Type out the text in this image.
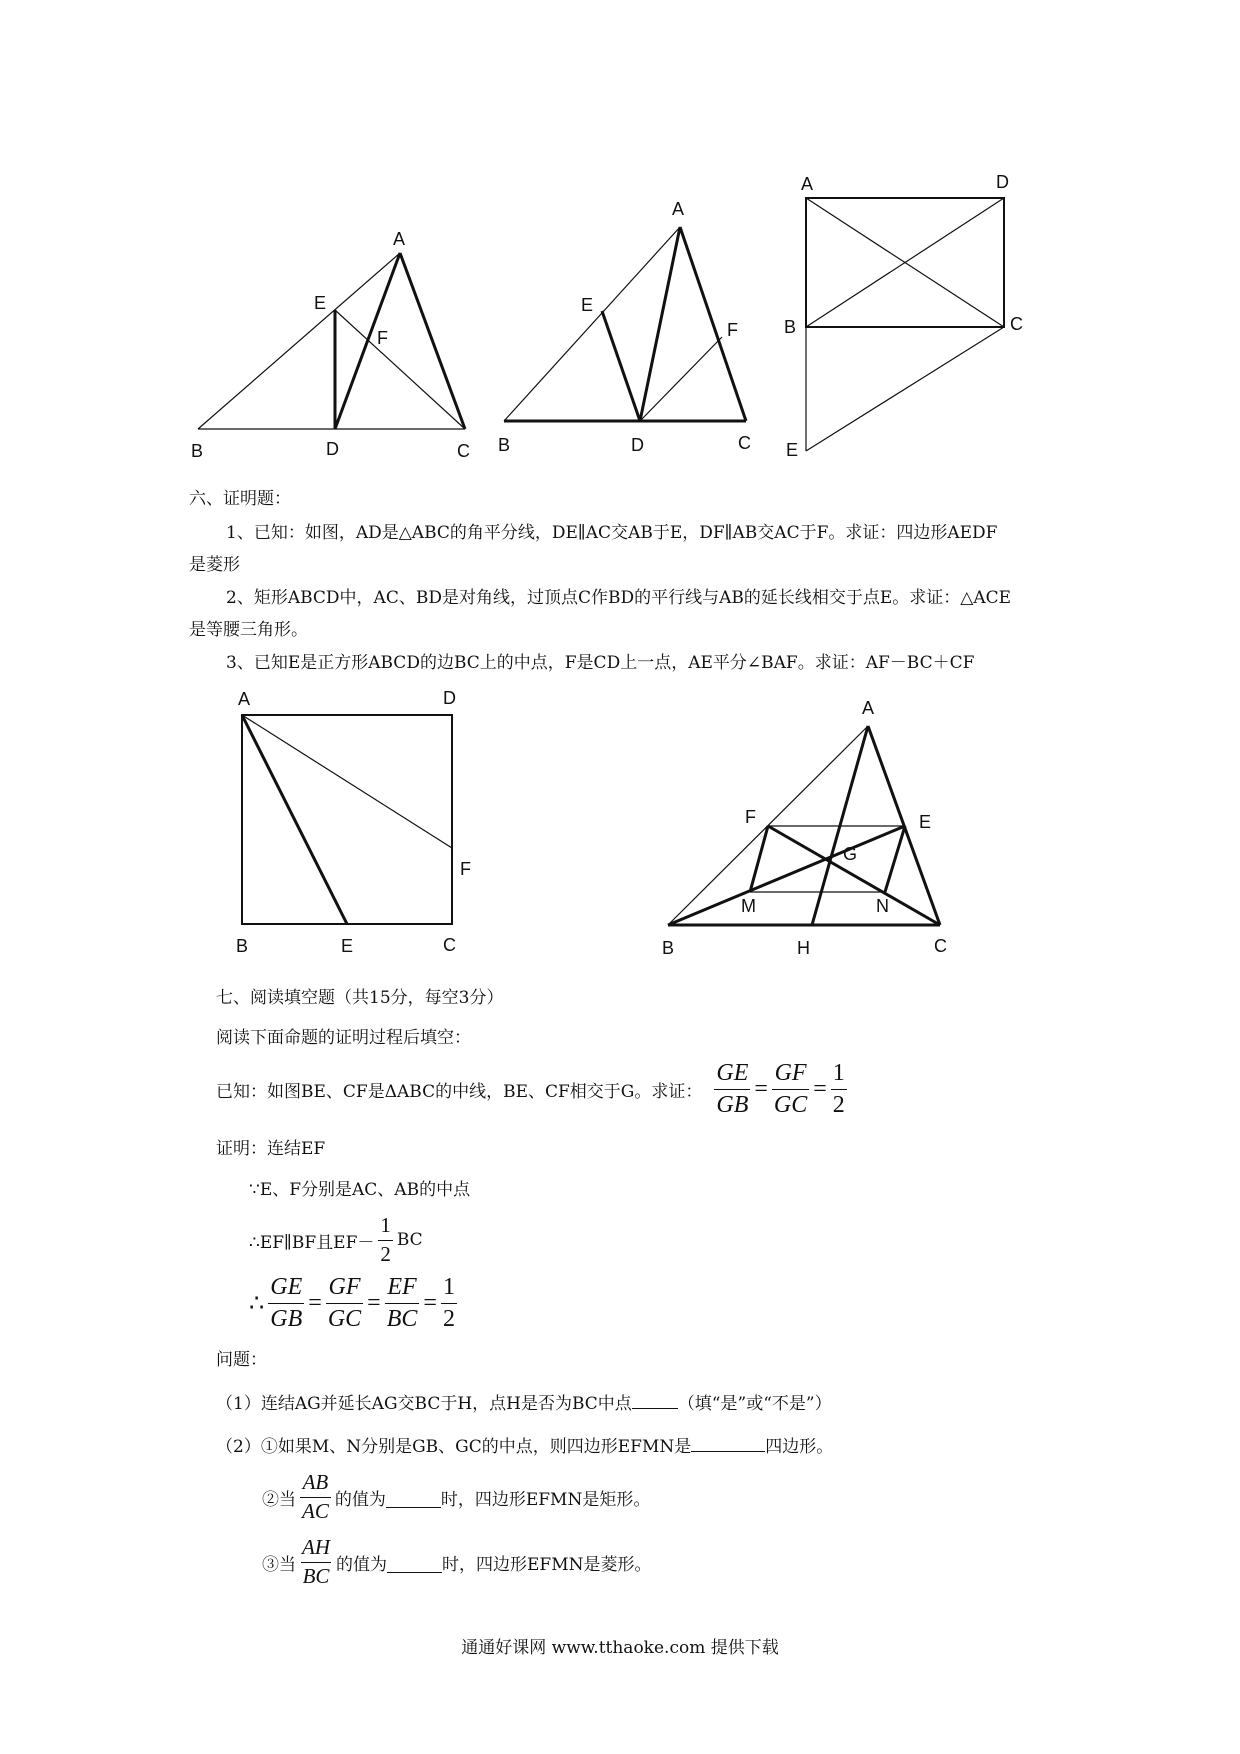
A
E
F
B	D	C
A
E
F
B	D	C
A	D
B	C
E
六、证明题：
1、已知：如图，AD是△ABC的角平分线，DE∥AC交AB于E，DF∥AB交AC于F。求证：四边形AEDF
是菱形
2、矩形ABCD中，AC、BD是对角线，过顶点C作BD的平行线与AB的延长线相交于点E。求证：△ACE
是等腰三角形。
3、已知E是正方形ABCD的边BC上的中点，F是CD上一点，AE平分∠BAF。求证：AF－BC＋CF
A	D
F
B	E	C
A
F	E
G
M	N
B	H	C
七、阅读填空题（共15分，每空3分）
阅读下面命题的证明过程后填空：
已知：如图BE、CF是ΔABC的中线，BE、CF相交于G。求证： $\frac{GE}{GB} = \frac{GF}{GC} = \frac{1}{2}$
证明：连结EF
∵E、F分别是AC、AB的中点
∴EF∥BF且$EF- \frac{1}{2}$ BC
∴ $\frac{GE}{GB} = \frac{GF}{GC} = \frac{EF}{BC} = \frac{1}{2}$
问题：
（1）连结AG并延长AG交BC于H，点H是否为BC中点	（填“是”或“不是”）
（2）①如果M、N分别是GB、GC的中点，则四边形EFMN是	四边形。
②当 $\frac{AB}{AC}$ 的值为	时，四边形EFMN是矩形。
③当 $\frac{AH}{BC}$ 的值为	时，四边形EFMN是菱形。
通通好课网 www.tthaoke.com 提供下载
